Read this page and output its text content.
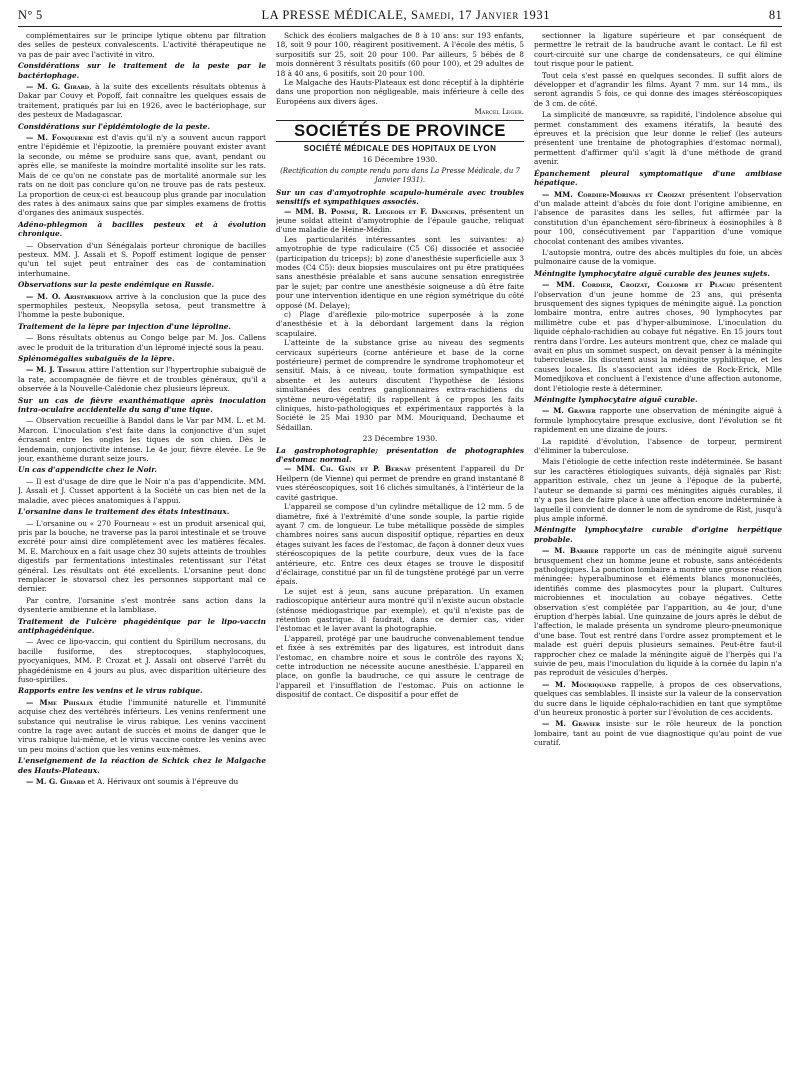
N° 5	LA PRESSE MÉDICALE, Samedi, 17 Janvier 1931	81
complémentaires sur le principe lytique obtenu par filtration des selles de pesteux convalescents. L'activité thérapeutique ne va pas de pair avec l'activité in vitro.
Considérations sur le traitement de la peste par le bactériophage.
— M. G. Girard, à la suite des excellents résultats obtenus à Dakar par Couvy et Popoff, fait connaître les quelques essais de traitement, pratiqués par lui en 1926, avec le bactériophage, sur des pesteux de Madagascar.
Considérations sur l'épidémiologie de la peste.
— M. Fonquernie est d'avis qu'il n'y a souvent aucun rapport entre l'épidémie et l'épizootie, la première pouvant exister avant la seconde, ou même se produire sans que, avant, pendant ou après elle, se manifeste la moindre mortalité insolite sur les rats. Mais de ce qu'on ne constate pas de mortalité anormale sur les rats on ne doit pas conclure qu'on ne trouve pas de rats pesteux. La proportion de ceux-ci est beaucoup plus grande par inoculation des rates à des animaux sains que par simples examens de frottis d'organes des animaux suspectés.
Adéno-phlegmon à bacilles pesteux et à évolution chronique.
— Observation d'un Sénégalais porteur chronique de bacilles pesteux. MM. J. Assali et S. Popoff estiment logique de penser qu'un tel sujet peut entraîner des cas de contamination interhumaine.
Observations sur la peste endémique en Russie.
— M. O. Aristarkhova arrive à la conclusion que la puce des spermophiles pesteux, Neopsylla setosa, peut transmettre à l'homme la peste bubonique.
Traitement de la lèpre par injection d'une léproline.
— Bons résultats obtenus au Congo belge par M. Jos. Callens avec le produit de la trituration d'un lépromé injecté sous la peau.
Splénomégalies subaiguës de la lèpre.
— M. J. Tisseuil attire l'attention sur l'hypertrophie subaiguë de la rate, accompagnée de fièvre et de troubles généraux, qu'il a observée à la Nouvelle-Calédonie chez plusieurs lépreux.
Sur un cas de fièvre exanthématique après inoculation intra-oculaire accidentelle du sang d'une tique.
— Observation recueillie à Bandol dans le Var par MM. L. et M. Marcon. L'inoculation s'est faite dans la conjonctive d'un sujet écrasant entre les ongles les tiques de son chien. Dès le lendemain, conjonctivite intense. Le 4e jour, fièvre élevée. Le 9e jour, exanthème durant seize jours.
Un cas d'appendicite chez le Noir.
— Il est d'usage de dire que le Noir n'a pas d'appendicite. MM. J. Assali et J. Cusset apportent à la Société un cas bien net de la maladie, avec pièces anatomiques à l'appui.
L'orsanine dans le traitement des états intestinaux.
— L'orsanine ou « 270 Fourneau » est un produit arsenical qui, pris par la bouche, ne traverse pas la paroi intestinale et se trouve excrété pour ainsi dire complètement avec les matières fécales. M. E. Marchoux en a fait usage chez 30 sujets atteints de troubles digestifs par fermentations intestinales retentissant sur l'état général. Les résultats ont été excellents. L'orsanine peut donc remplacer le stovarsol chez les personnes supportant mal ce dernier.
Par contre, l'orsanine s'est montrée sans action dans la dysenterie amibienne et la lambliase.
Traitement de l'ulcère phagédénique par le lipo-vaccin antiphagédénique.
— Avec ce lipo-vaccin, qui contient du Spirillum necrosans, du bacille fusiforme, des streptocoques, staphylocoques, pyocyaniques, MM. P. Crozat et J. Assali ont observé l'arrêt du phagédénisme en 4 jours au plus, avec disparition ultérieure des fuso-spirilles.
Rapports entre les venins et le virus rabique.
— Mme Phisalix étudie l'immunité naturelle et l'immunité acquise chez des vertébrés inférieurs. Les venins renferment une substance qui neutralise le virus rabique. Les venins vaccinent contre la rage avec autant de succès et moins de danger que le virus rabique lui-même, et le virus vaccine contre les venins avec un peu moins d'action que les venins eux-mêmes.
L'enseignement de la réaction de Schick chez le Malgache des Hauts-Plateaux.
— M. G. Girard et A. Hérivaux ont soumis à l'épreuve du
Schick des écoliers malgaches de 8 à 10 ans: sur 193 enfants, 18, soit 9 pour 100, réagirent positivement. A l'école des métis, 5 surpositifs sur 25, soit 20 pour 100. Par ailleurs, 5 bébés de 8 mois donnèrent 3 résultats positifs (60 pour 100), et 29 adultes de 18 à 40 ans, 6 positifs, soit 20 pour 100.
Le Malgache des Hauts-Plateaux est donc réceptif à la diphtérie dans une proportion non négligeable, mais inférieure à celle des Européens aux divers âges.
Marcel Leger.
SOCIÉTÉS DE PROVINCE
SOCIÉTÉ MÉDICALE DES HOPITAUX DE LYON
16 Décembre 1930.
(Rectification du compte rendu paru dans La Presse Médicale, du 7 Janvier 1931).
Sur un cas d'amyotrophie scapulo-humérale avec troubles sensitifs et sympathiques associés.
— MM. B. Pommé, R. Liégeois et F. Dancenis, présentent un jeune soldat atteint d'amyotrophie de l'épaule gauche, reliquat d'une maladie de Heine-Médin.
Les particularités intéressantes sont les suivantes: a) amyotrophie de type radiculaire (C5 C6) dissociée et associée (participation du triceps); b) zone d'anesthésie superficielle aux 3 modes (C4 C5): deux biopsies musculaires ont pu être pratiquées sans anesthésie préalable et sans aucune sensation enregistrée par le sujet; par contre une anesthésie soigneuse a dû être faite pour une intervention identique en une région symétrique du côté opposé (M. Delaye);
c) Plage d'aréflexie pilo-motrice superposée à la zone d'anesthésie et à la débordant largement dans la région scapulaire.
L'atteinte de la substance grise au niveau des segments cervicaux supérieurs (corne antérieure et base de la corne postérieure) permet de comprendre le syndrome trophomoteur et sensitif. Mais, à ce niveau, toute formation sympathique est absente et les auteurs discutent l'hypothèse de lésions simultanées des centres ganglionnaires extra-rachidiens du système neuro-végétatif; ils rappellent à ce propos les faits cliniques, histo-pathologiques et expérimentaux rapportés à la Société le 25 Mai 1930 par MM. Mouriquand, Dechaume et Sédaillan.
23 Décembre 1930.
La gastrophotographie; présentation de photographies d'estomac normal.
— MM. Ch. Gaïn et P. Bernay présentent l'appareil du Dr Heilpern (de Vienne) qui permet de prendre en grand instantané 8 vues stéréoscopiques, soit 16 clichés simultanés, à l'intérieur de la cavité gastrique.
L'appareil se compose d'un cylindre métallique de 12 mm. 5 de diamètre, fixé à l'extrémité d'une sonde souple, la partie rigide ayant 7 cm. de longueur. Le tube métallique possède de simples chambres noires sans aucun dispositif optique, réparties en deux étages suivant les faces de l'estomac, de façon à donner deux vues stéréoscopiques de la petite courbure, deux vues de la face antérieure, etc. Entre ces deux étages se trouve le dispositif d'éclairage, constitué par un fil de tungstène protégé par un verre épais.
Le sujet est à jeun, sans aucune préparation. Un examen radioscopique antérieur aura montré qu'il n'existe aucun obstacle (sténose médiogastrique par exemple), et qu'il n'existe pas de rétention gastrique. Il faudrait, dans ce dernier cas, vider l'estomac et le laver avant la photographie.
L'appareil, protégé par une baudruche convenablement tendue et fixée à ses extrémités par des ligatures, est introduit dans l'estomac, en chambre noire et sous le contrôle des rayons X; cette introduction ne nécessite aucune anesthésie. L'appareil en place, on gonfle la baudruche, ce qui assure le centrage de l'appareil et l'insufflation de l'estomac. Puis on actionne le dispositif de contact. Ce dispositif a pour effet de
sectionner la ligature supérieure et par conséquent de permettre le retrait de la baudruche avant le contact. Le fil est court-circuité sur une charge de condensateurs, ce qui élimine tout risque pour le patient.
Tout cela s'est passé en quelques secondes. Il suffit alors de développer et d'agrandir les films. Ayant 7 mm. sur 14 mm., ils seront agrandis 5 fois, ce qui donne des images stéréoscopiques de 3 cm. de côté.
La simplicité de manœuvre, sa rapidité, l'indolence absolue qui permet constamment des examens itératifs, la beauté des épreuves et la précision que leur donne le relief (les auteurs présentent une trentaine de photographies d'estomac normal), permettent d'affirmer qu'il s'agit là d'une méthode de grand avenir.
Épanchement pleural symptomatique d'une amibiase hépatique.
— MM. Cordier-Morinas et Croizat présentent l'observation d'un malade atteint d'abcès du foie dont l'origine amibienne, en l'absence de parasites dans les selles, fut affirmée par la constitution d'un épanchement séro-fibrineux à éosinophiles à 8 pour 100, consécutivement par l'apparition d'une vomique chocolat contenant des amibes vivantes.
L'autopsie montra, outre des abcès multiples du foie, un abcès pulmonaire cause de la vomique.
Méningite lymphocytaire aiguë curable des jeunes sujets.
— MM. Cordier, Croizat, Collomb et Plachu présentent l'observation d'un jeune homme de 23 ans, qui présenta brusquement des signes typiques de méningite aiguë. La ponction lombaire montra, entre autres choses, 90 lymphocytes par millimètre cube et pas d'hyper-albuminose. L'inoculation du liquide céphalo-rachidien au cobaye fut négative. En 15 jours tout rentra dans l'ordre. Les auteurs montrent que, chez ce malade qui avait en plus un sommet suspect, on devait penser à la méningite tuberculeuse. Ils discutent aussi la méningite syphilitique, et les causes locales. Ils s'associent aux idées de Rock-Erick, Mlle Momedjikova et concluent à l'existence d'une affection autonome, dont l'étiologie reste à déterminer.
Méningite lymphocytaire aiguë curable.
— M. Gravier rapporte une observation de méningite aiguë à formule lymphocytaire presque exclusive, dont l'évolution se fit rapidement en une dizaine de jours.
La rapidité d'évolution, l'absence de torpeur, permirent d'éliminer la tuberculose.
Mais l'étiologie de cette infection reste indéterminée. Se basant sur les caractères étiologiques suivants, déjà signalés par Rist: apparition estivale, chez un jeune à l'époque de la puberté, l'auteur se demande si parmi ces méningites aiguës curables, il n'y a pas lieu de faire place à une affection encore indéterminée à laquelle il convient de donner le nom de syndrome de Rist, jusqu'à plus ample informé.
Méningite lymphocytaire curable d'origine herpétique probable.
— M. Barbier rapporte un cas de méningite aiguë survenu brusquement chez un homme jeune et robuste, sans antécédents pathologiques. La ponction lombaire a montré une grosse réaction méningée: hyperalbuminose et éléments blancs mononucléés, identifiés comme des plasmocytes pour la plupart. Cultures microbiennes et inoculation au cobaye négatives. Cette observation s'est complétée par l'apparition, au 4e jour, d'une éruption d'herpès labial. Une quinzaine de jours après le début de l'affection, le malade présenta un syndrome pleuro-pneumonique d'une base. Tout est rentré dans l'ordre assez promptement et le malade est guéri depuis plusieurs semaines. Peut-être faut-il rapprocher chez ce malade la méningite aiguë de l'herpès qui l'a suivie de peu, mais l'inoculation du liquide à la cornée du lapin n'a pas reproduit de vésicules d'herpès.
— M. Mouriquand rappelle, à propos de ces observations, quelques cas semblables. Il insiste sur la valeur de la conservation du sucre dans le liquide céphalo-rachidien en tant que symptôme d'un heureux pronostic à porter sur l'évolution de ces accidents.
— M. Gravier insiste sur le rôle heureux de la ponction lombaire, tant au point de vue diagnostique qu'au point de vue curatif.
